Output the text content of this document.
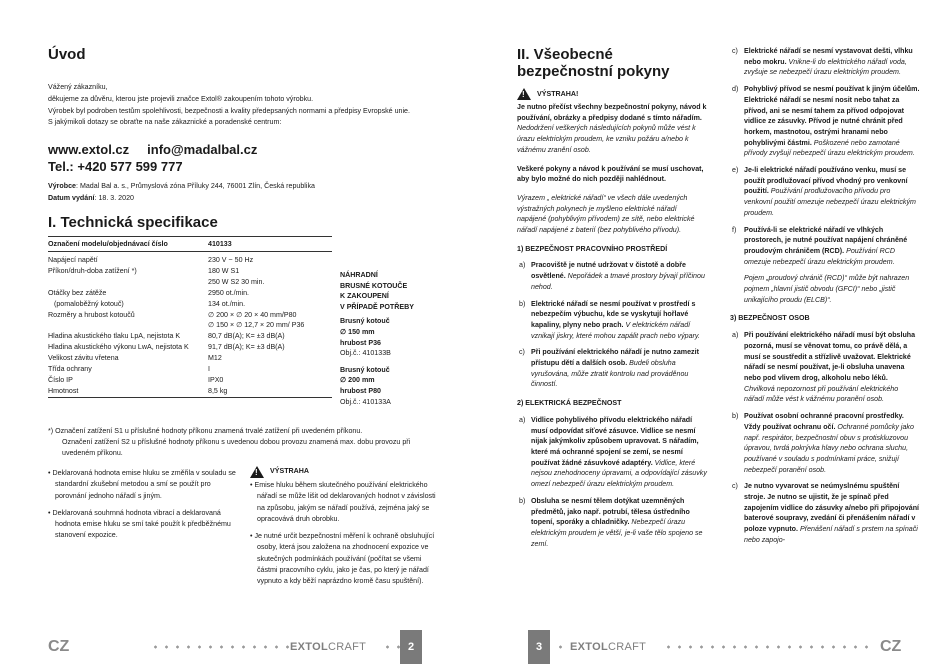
Úvod

Vážený zákazníku,

děkujeme za důvěru, kterou jste projevili značce Extol® zakoupením tohoto výrobku.

Výrobek byl podroben testům spolehlivosti, bezpečnosti a kvality předepsaných normami a předpisy Evropské unie.

S jakýmikoli dotazy se obraťte na naše zákaznické a poradenské centrum:

www.extol.cz info@madalbal.cz
Tel.: +420 577 599 777
Výrobce: Madal Bal a. s., Průmyslová zóna Příluky 244, 76001 Zlín, Česká republika
Datum vydání: 18. 3. 2020
I. Technická specifikace
Označení modelu/objednávací číslo	410133
Napájecí napětí	230 V ~ 50 Hz
Příkon/druh-doba zatížení *)	180 W S1
	250 W S2 30 min.
Otáčky bez zátěže	2950 ot./min.
(pomaloběžný kotouč)	134 ot./min.
Rozměry a hrubost kotoučů	∅ 200 × ∅ 20 × 40 mm/P80
	∅ 150 × ∅ 12,7 × 20 mm/ P36
Hladina akustického tlaku LpA, nejistota K	80,7 dB(A); K= ±3 dB(A)
Hladina akustického výkonu LwA, nejistota K	91,7 dB(A); K= ±3 dB(A)
Velikost závitu vřetena	M12
Třída ochrany	I
Číslo IP	IPX0
Hmotnost	8,5 kg
NÁHRADNÍ
BRUSNÉ KOTOUČE
K ZAKOUPENÍ
V PŘÍPADĚ POTŘEBY
Brusný kotouč
∅ 150 mm
hrubost P36
Obj.č.: 410133B
Brusný kotouč
∅ 200 mm
hrubost P80
Obj.č.: 410133A
*) Označení zatížení S1 u příslušné hodnoty příkonu znamená trvalé zatížení při uvedeném příkonu.
Označení zatížení S2 u příslušné hodnoty příkonu s uvedenou dobou provozu znamená max. dobu provozu při uvedeném příkonu.
• Deklarovaná hodnota emise hluku se změřila v souladu se standardní zkušební metodou a smí se použít pro porovnání jednoho nářadí s jiným.
• Deklarovaná souhrnná hodnota vibrací a deklarovaná hodnota emise hluku se smí také použít k předběžnému stanovení expozice.
!
VÝSTRAHA
• Emise hluku během skutečného používání elektrického nářadí se může lišit od deklarovaných hodnot v závislosti na způsobu, jakým se nářadí používá, zejména jaký se opracovává druh obrobku.
• Je nutné určit bezpečnostní měření k ochraně obsluhující osoby, která jsou založena na zhodnocení expozice ve skutečných podmínkách používání (počítat se všemi částmi pracovního cyklu, jako je čas, po který je nářadí vypnuto a kdy běží naprázdno kromě času spuštění).
CZ	EXTOLCRAFT	2
II. Všeobecné
bezpečnostní pokyny
!
VÝSTRAHA!
Je nutno přečíst všechny bezpečnostní pokyny, návod k používání, obrázky a předpisy dodané s tímto nářadím. Nedodržení veškerých následujících pokynů může vést k úrazu elektrickým proudem, ke vzniku požáru a/nebo k vážnému zranění osob.
Veškeré pokyny a návod k používání se musí uschovat, aby bylo možné do nich později nahlédnout.
Výrazem „ elektrické nářadí“ ve všech dále uvedených výstražných pokynech je myšleno elektrické nářadí napájené (pohyblivým přívodem) ze sítě, nebo elektrické nářadí napájené z baterií (bez pohyblivého přívodu).
1) BEZPEČNOST PRACOVNÍHO PROSTŘEDÍ
a) Pracoviště je nutné udržovat v čistotě a dobře osvětlené. Nepořádek a tmavé prostory bývají příčinou nehod.
b) Elektrické nářadí se nesmí používat v prostředí s nebezpečím výbuchu, kde se vyskytují hořlavé kapaliny, plyny nebo prach. V elektrickém nářadí vznikají jiskry, které mohou zapálit prach nebo výpary.
c) Při používání elektrického nářadí je nutno zamezit přístupu dětí a dalších osob. Budeli obsluha vyrušována, může ztratit kontrolu nad prováděnou činností.
2) ELEKTRICKÁ BEZPEČNOST
a) Vidlice pohyblivého přívodu elektrického nářadí musí odpovídat síťové zásuvce. Vidlice se nesmí nijak jakýmkoliv způsobem upravovat. S nářadím, které má ochranné spojení se zemí, se nesmí používat žádné zásuvkové adaptéry. Vidlice, které nejsou znehodnoceny úpravami, a odpovídající zásuvky omezí nebezpečí úrazu elektrickým proudem.
b) Obsluha se nesmí tělem dotýkat uzemněných předmětů, jako např. potrubí, tělesa ústředního topení, sporáky a chladničky. Nebezpečí úrazu elektrickým proudem je větší, je-li vaše tělo spojeno se zemí.
c) Elektrické nářadí se nesmí vystavovat dešti, vlhku nebo mokru. Vnikne-li do elektrického nářadí voda, zvyšuje se nebezpečí úrazu elektrickým proudem.
d) Pohyblivý přívod se nesmí používat k jiným účelům. Elektrické nářadí se nesmí nosit nebo tahat za přívod, ani se nesmí tahem za přívod odpojovat vidlice ze zásuvky. Přívod je nutné chránit před horkem, mastnotou, ostrými hranami nebo pohyblivými částmi. Poškozené nebo zamotané přívody zvyšují nebezpečí úrazu elektrickým proudem.
e) Je-li elektrické nářadí používáno venku, musí se použít prodlužovací přívod vhodný pro venkovní použití. Používání prodlužovacího přívodu pro venkovní použití omezuje nebezpečí úrazu elektrickým proudem.
f)	Používá-li se elektrické nářadí ve vlhkých prostorech, je nutné používat napájení chráněné proudovým chráničem (RCD). Používání RCD omezuje nebezpečí úrazu elektrickým proudem.
Pojem „proudový chránič (RCD)“ může být nahrazen pojmem „hlavní jistič obvodu (GFCI)“ nebo „jistič unikajícího proudu (ELCB)“.
3) BEZPEČNOST OSOB
a) Při používání elektrického nářadí musí být obsluha pozorná, musí se věnovat tomu, co právě dělá, a musí se soustředit a střízlivě uvažovat. Elektrické nářadí se nesmí používat, je-li obsluha unavena nebo pod vlivem drog, alkoholu nebo léků. Chvilková nepozornost při používání elektrického nářadí může vést k vážnému poranění osob.
b) Používat osobní ochranné pracovní prostředky. Vždy používat ochranu očí. Ochranné pomůcky jako např. respirátor, bezpečnostní obuv s protiskluzovou úpravou, tvrdá pokrývka hlavy nebo ochrana sluchu, používané v souladu s podmínkami práce, snižují nebezpečí poranění osob.
c) Je nutno vyvarovat se neúmyslnému spuštění stroje. Je nutno se ujistit, že je spínač před zapojením vidlice do zásuvky a/nebo při připojování baterové soupravy, zvedání či přenášením nářadí v poloze vypnuto. Přenášení nářadí s prstem na spínači nebo zapojo-
3	EXTOLCRAFT	CZ
